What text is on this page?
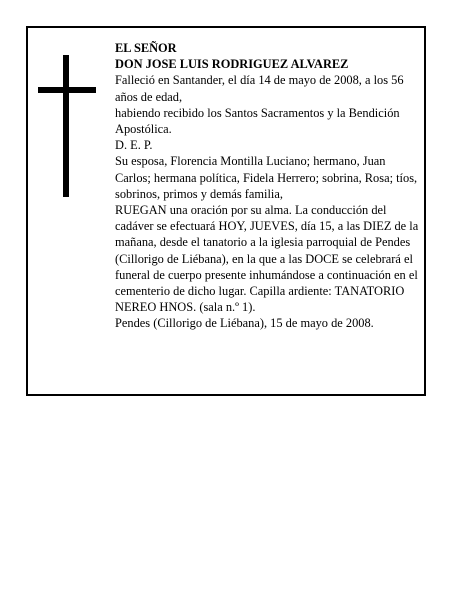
EL SEÑOR

DON JOSE LUIS RODRIGUEZ ALVAREZ

Falleció en Santander, el día 14 de mayo de 2008, a los 56 años de edad,

habiendo recibido los Santos Sacramentos y la Bendición Apostólica.

D. E. P.

Su esposa, Florencia Montilla Luciano; hermano, Juan Carlos; hermana política, Fidela Herrero; sobrina, Rosa; tíos, sobrinos, primos y demás familia,

RUEGAN una oración por su alma. La conducción del cadáver se efectuará HOY, JUEVES, día 15, a las DIEZ de la mañana, desde el tanatorio a la iglesia parroquial de Pendes (Cillorigo de Liébana), en la que a las DOCE se celebrará el funeral de cuerpo presente inhumándose a continuación en el cementerio de dicho lugar. Capilla ardiente: TANATORIO NEREO HNOS. (sala n.º 1).

Pendes (Cillorigo de Liébana), 15 de mayo de 2008.
